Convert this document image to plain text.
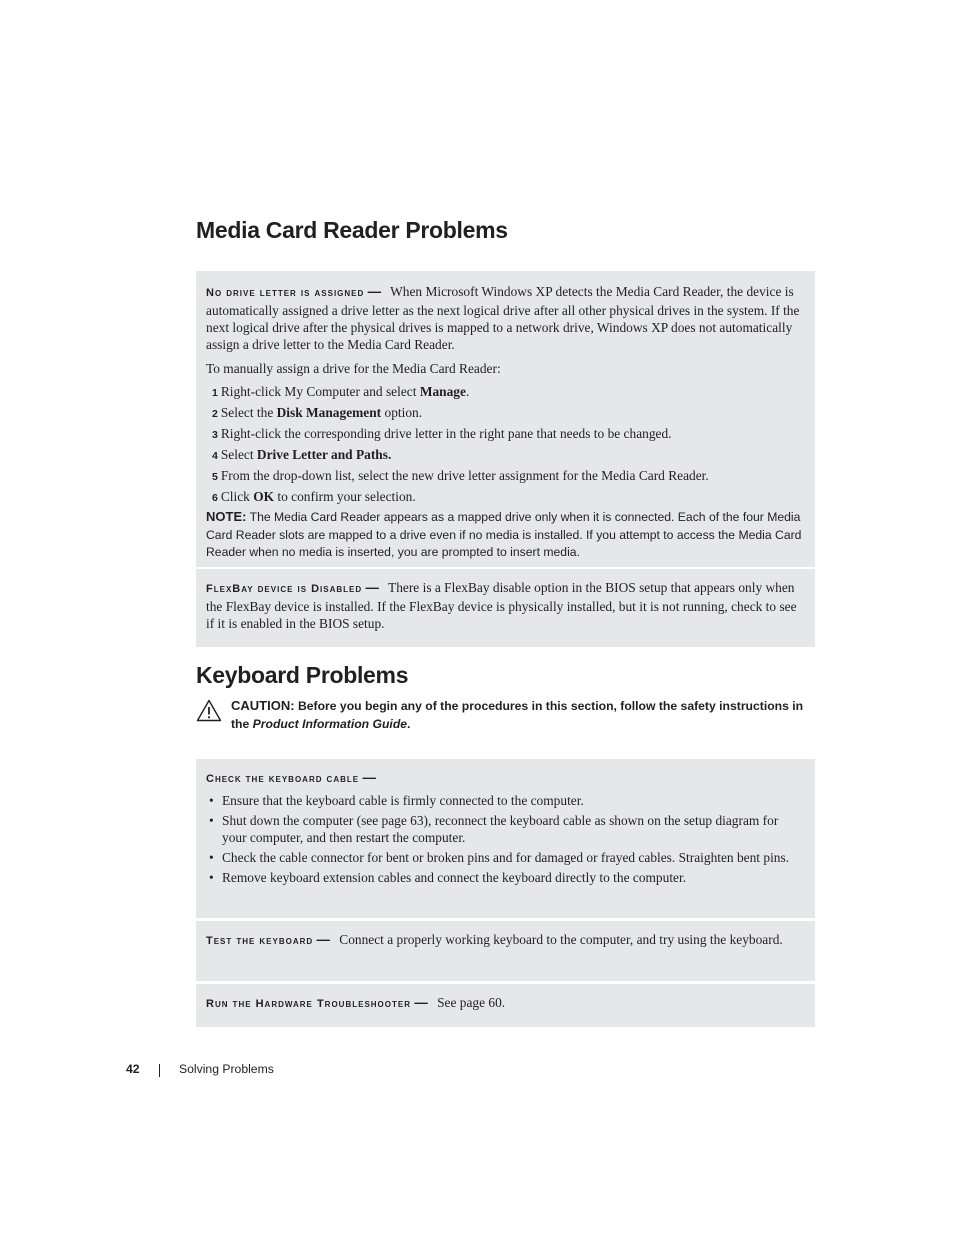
Media Card Reader Problems

No drive letter is assigned — When Microsoft Windows XP detects the Media Card Reader, the device is automatically assigned a drive letter as the next logical drive after all other physical drives in the system. If the next logical drive after the physical drives is mapped to a network drive, Windows XP does not automatically assign a drive letter to the Media Card Reader.

To manually assign a drive for the Media Card Reader:

1 Right-click My Computer and select Manage.
2 Select the Disk Management option.
3 Right-click the corresponding drive letter in the right pane that needs to be changed.
4 Select Drive Letter and Paths.
5 From the drop-down list, select the new drive letter assignment for the Media Card Reader.
6 Click OK to confirm your selection.

NOTE: The Media Card Reader appears as a mapped drive only when it is connected. Each of the four Media Card Reader slots are mapped to a drive even if no media is installed. If you attempt to access the Media Card Reader when no media is inserted, you are prompted to insert media.

FlexBay device is Disabled — There is a FlexBay disable option in the BIOS setup that appears only when the FlexBay device is installed. If the FlexBay device is physically installed, but it is not running, check to see if it is enabled in the BIOS setup.

Keyboard Problems
CAUTION: Before you begin any of the procedures in this section, follow the safety instructions in the Product Information Guide.

Check the keyboard cable —

• Ensure that the keyboard cable is firmly connected to the computer.
• Shut down the computer (see page 63), reconnect the keyboard cable as shown on the setup diagram for your computer, and then restart the computer.
• Check the cable connector for bent or broken pins and for damaged or frayed cables. Straighten bent pins.
• Remove keyboard extension cables and connect the keyboard directly to the computer.

Test the keyboard — Connect a properly working keyboard to the computer, and try using the keyboard.

Run the Hardware Troubleshooter — See page 60.

42	Solving Problems
